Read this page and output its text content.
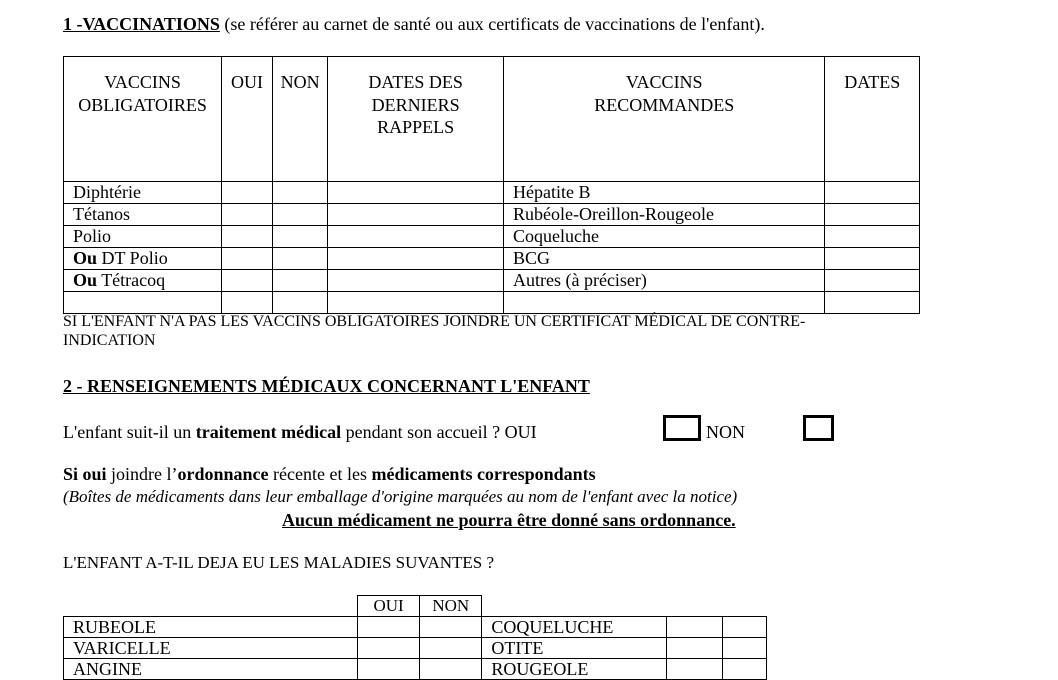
1 -VACCINATIONS (se référer au carnet de santé ou aux certificats de vaccinations de l'enfant).
VACCINS OBLIGATOIRES	OUI	NON	DATES DES DERNIERS RAPPELS	VACCINS RECOMMANDES	DATES
Diphtérie				Hépatite B	
Tétanos				Rubéole-Oreillon-Rougeole	
Polio				Coqueluche	
Ou DT Polio				BCG	
Ou Tétracoq				Autres (à préciser)	

SI L'ENFANT N'A PAS LES VACCINS OBLIGATOIRES JOINDRE UN CERTIFICAT MÉDICAL DE CONTRE-
INDICATION
2 - RENSEIGNEMENTS MÉDICAUX CONCERNANT L'ENFANT
L'enfant suit-il un traitement médical pendant son accueil ? OUI	NON
Si oui joindre l’ordonnance récente et les médicaments correspondants
(Boîtes de médicaments dans leur emballage d'origine marquées au nom de l'enfant avec la notice)
Aucun médicament ne pourra être donné sans ordonnance.
L'ENFANT A-T-IL DEJA EU LES MALADIES SUVANTES ?
	OUI	NON			
RUBEOLE			COQUELUCHE		
VARICELLE			OTITE		
ANGINE			ROUGEOLE		
